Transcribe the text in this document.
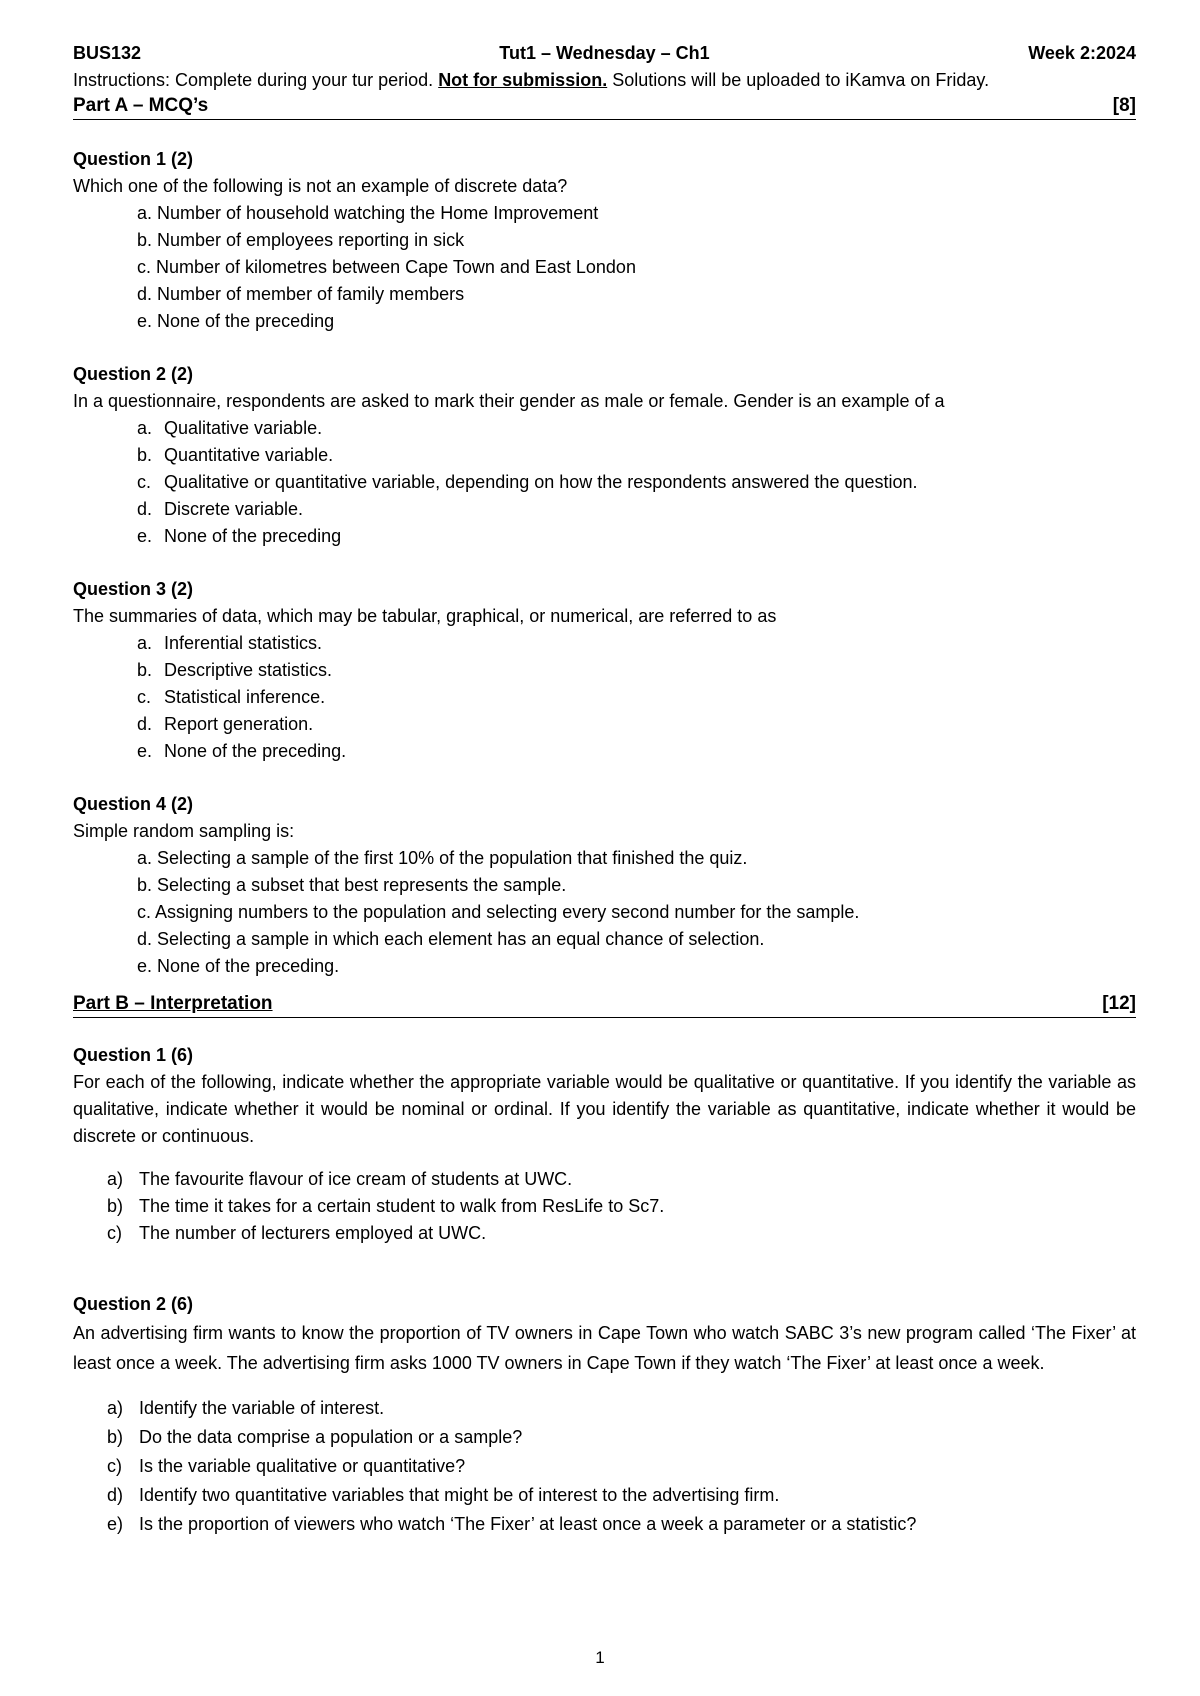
BUS132	Tut1 – Wednesday – Ch1	Week 2:2024
Instructions: Complete during your tur period. Not for submission. Solutions will be uploaded to iKamva on Friday.
Part A – MCQ’s	[8]
Question 1 (2)
Which one of the following is not an example of discrete data?
a. Number of household watching the Home Improvement
b. Number of employees reporting in sick
c. Number of kilometres between Cape Town and East London
d. Number of member of family members
e. None of the preceding
Question 2 (2)
In a questionnaire, respondents are asked to mark their gender as male or female. Gender is an example of a
a. Qualitative variable.
b. Quantitative variable.
c. Qualitative or quantitative variable, depending on how the respondents answered the question.
d. Discrete variable.
e. None of the preceding
Question 3 (2)
The summaries of data, which may be tabular, graphical, or numerical, are referred to as
a. Inferential statistics.
b. Descriptive statistics.
c. Statistical inference.
d. Report generation.
e. None of the preceding.
Question 4 (2)
Simple random sampling is:
a. Selecting a sample of the first 10% of the population that finished the quiz.
b. Selecting a subset that best represents the sample.
c. Assigning numbers to the population and selecting every second number for the sample.
d. Selecting a sample in which each element has an equal chance of selection.
e. None of the preceding.
Part B – Interpretation	[12]
Question 1 (6)
For each of the following, indicate whether the appropriate variable would be qualitative or quantitative. If you identify the variable as qualitative, indicate whether it would be nominal or ordinal. If you identify the variable as quantitative, indicate whether it would be discrete or continuous.
a) The favourite flavour of ice cream of students at UWC.
b) The time it takes for a certain student to walk from ResLife to Sc7.
c) The number of lecturers employed at UWC.
Question 2 (6)
An advertising firm wants to know the proportion of TV owners in Cape Town who watch SABC 3’s new program called ‘The Fixer’ at least once a week. The advertising firm asks 1000 TV owners in Cape Town if they watch ‘The Fixer’ at least once a week.
a) Identify the variable of interest.
b) Do the data comprise a population or a sample?
c) Is the variable qualitative or quantitative?
d) Identify two quantitative variables that might be of interest to the advertising firm.
e) Is the proportion of viewers who watch ‘The Fixer’ at least once a week a parameter or a statistic?
1
